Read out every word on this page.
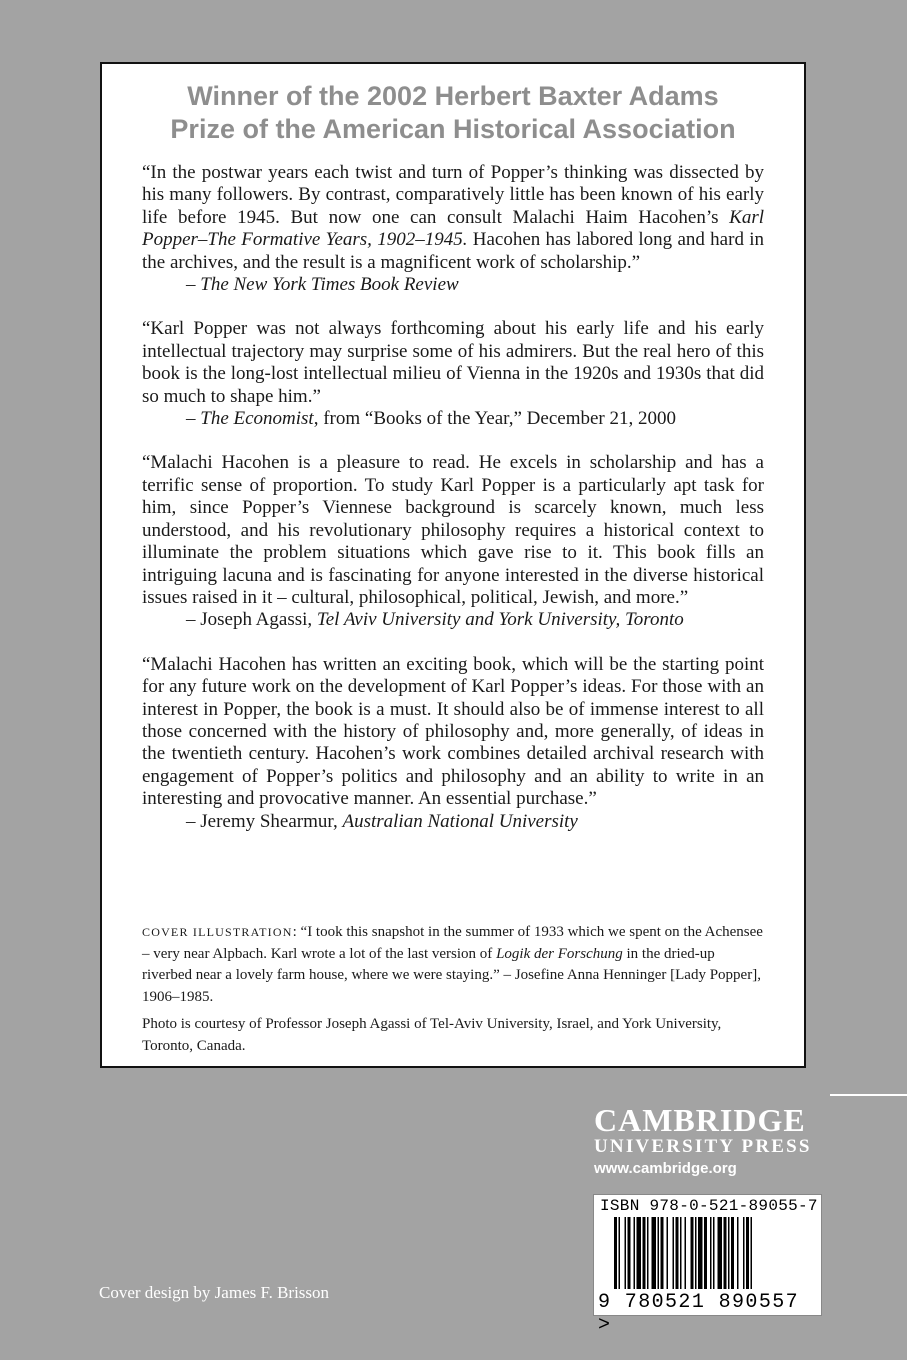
Winner of the 2002 Herbert Baxter Adams
Prize of the American Historical Association

“In the postwar years each twist and turn of Popper’s thinking was dissected by his many followers. By contrast, comparatively little has been known of his early life before 1945. But now one can consult Malachi Haim Hacohen’s Karl Popper–The Formative Years, 1902–1945. Hacohen has labored long and hard in the archives, and the result is a magnificent work of scholarship.”

– The New York Times Book Review

“Karl Popper was not always forthcoming about his early life and his early intellectual trajectory may surprise some of his admirers. But the real hero of this book is the long-lost intellectual milieu of Vienna in the 1920s and 1930s that did so much to shape him.”

– The Economist, from “Books of the Year,” December 21, 2000

“Malachi Hacohen is a pleasure to read. He excels in scholarship and has a terrific sense of proportion. To study Karl Popper is a particularly apt task for him, since Popper’s Viennese background is scarcely known, much less understood, and his revolutionary philosophy requires a historical context to illuminate the problem situations which gave rise to it. This book fills an intriguing lacuna and is fascinating for anyone interested in the diverse historical issues raised in it – cultural, philosophical, political, Jewish, and more.”

– Joseph Agassi, Tel Aviv University and York University, Toronto

“Malachi Hacohen has written an exciting book, which will be the starting point for any future work on the development of Karl Popper’s ideas. For those with an interest in Popper, the book is a must. It should also be of immense interest to all those concerned with the history of philosophy and, more generally, of ideas in the twentieth century. Hacohen’s work combines detailed archival research with engagement of Popper’s politics and philosophy and an ability to write in an interesting and provocative manner. An essential purchase.”

– Jeremy Shearmur, Australian National University

COVER ILLUSTRATION: “I took this snapshot in the summer of 1933 which we spent on the Achensee – very near Alpbach. Karl wrote a lot of the last version of Logik der Forschung in the dried-up riverbed near a lovely farm house, where we were staying.” – Josefine Anna Henninger [Lady Popper], 1906–1985.

Photo is courtesy of Professor Joseph Agassi of Tel-Aviv University, Israel, and York University, Toronto, Canada.

CAMBRIDGE
UNIVERSITY PRESS
www.cambridge.org
ISBN 978-0-521-89055-7
9 780521 890557 >
Cover design by James F. Brisson
